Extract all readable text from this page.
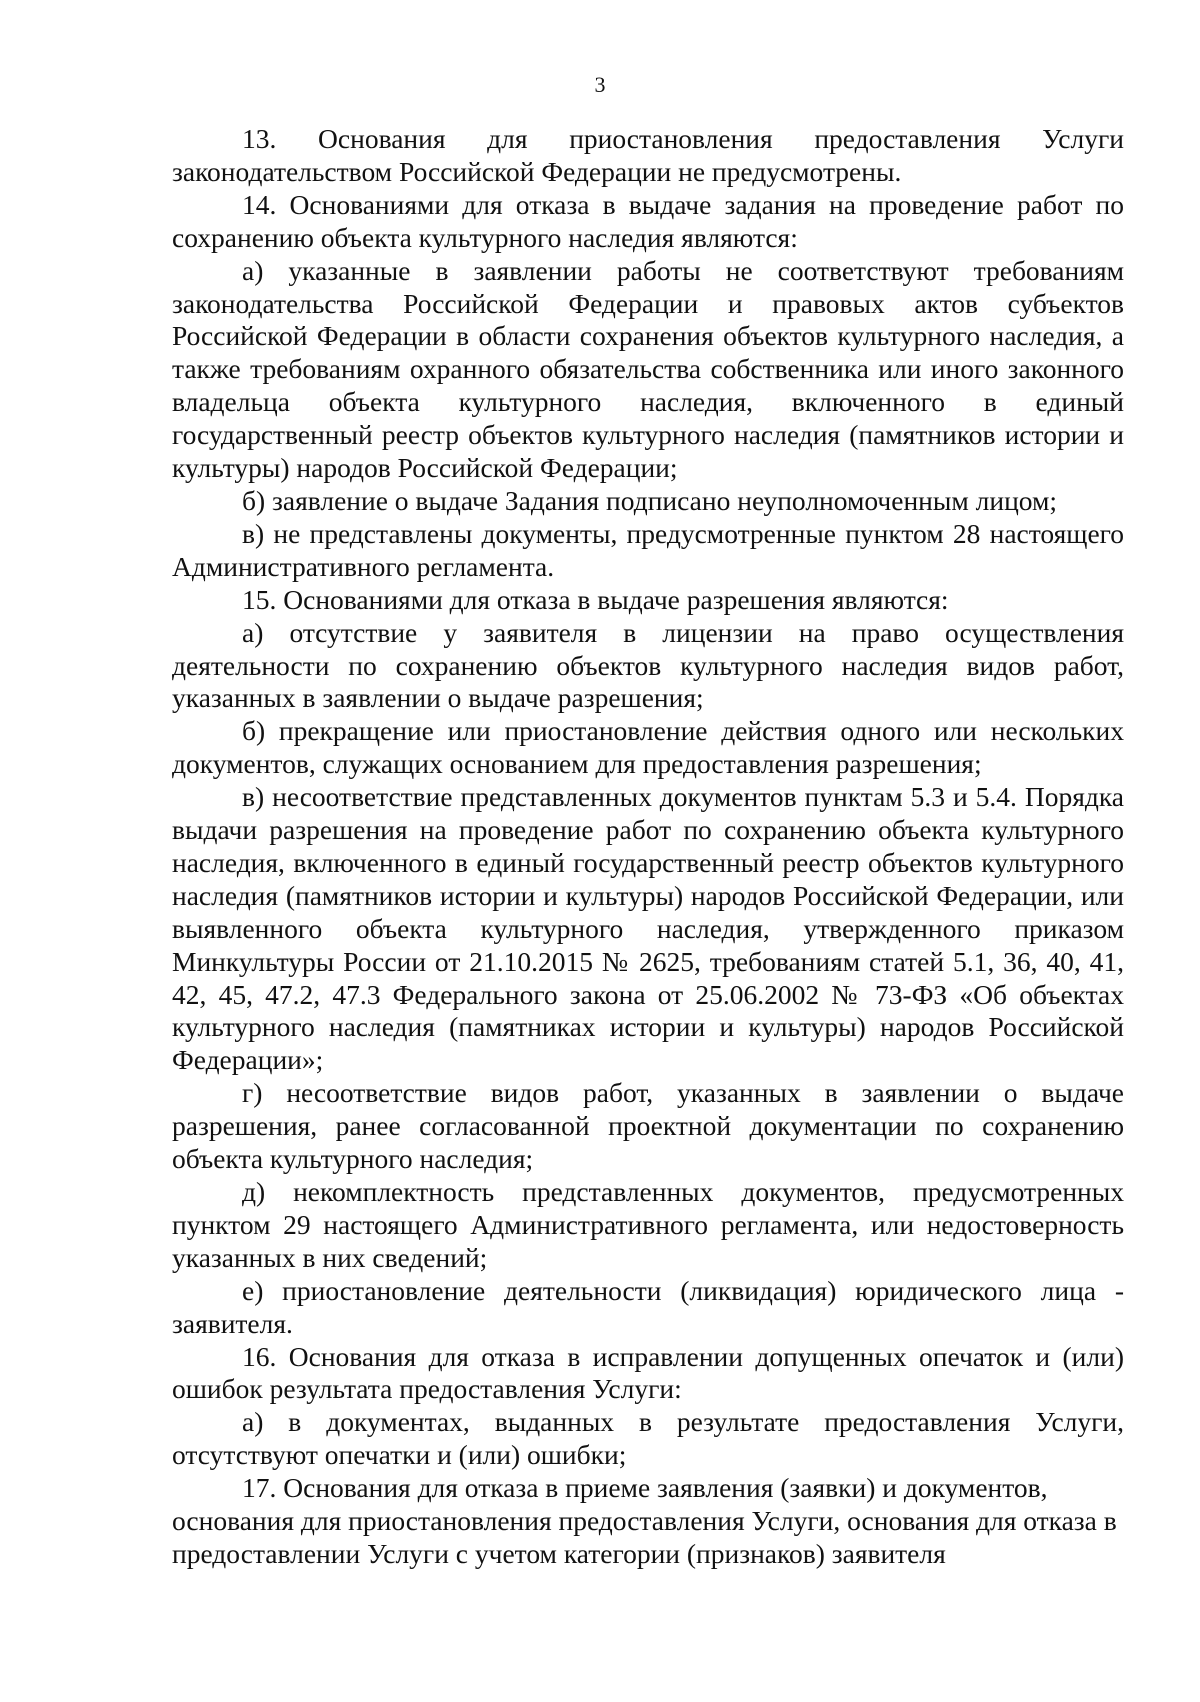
3

13. Основания для приостановления предоставления Услуги законодательством Российской Федерации не предусмотрены.

14. Основаниями для отказа в выдаче задания на проведение работ по сохранению объекта культурного наследия являются:

а) указанные в заявлении работы не соответствуют требованиям законодательства Российской Федерации и правовых актов субъектов Российской Федерации в области сохранения объектов культурного наследия, а также требованиям охранного обязательства собственника или иного законного владельца объекта культурного наследия, включенного в единый государственный реестр объектов культурного наследия (памятников истории и культуры) народов Российской Федерации;

б) заявление о выдаче Задания подписано неуполномоченным лицом;

в) не представлены документы, предусмотренные пунктом 28 настоящего Административного регламента.

15. Основаниями для отказа в выдаче разрешения являются:

а) отсутствие у заявителя в лицензии на право осуществления деятельности по сохранению объектов культурного наследия видов работ, указанных в заявлении о выдаче разрешения;

б) прекращение или приостановление действия одного или нескольких документов, служащих основанием для предоставления разрешения;

в) несоответствие представленных документов пунктам 5.3 и 5.4. Порядка выдачи разрешения на проведение работ по сохранению объекта культурного наследия, включенного в единый государственный реестр объектов культурного наследия (памятников истории и культуры) народов Российской Федерации, или выявленного объекта культурного наследия, утвержденного приказом Минкультуры России от 21.10.2015 № 2625, требованиям статей 5.1, 36, 40, 41, 42, 45, 47.2, 47.3 Федерального закона от 25.06.2002 № 73-ФЗ «Об объектах культурного наследия (памятниках истории и культуры) народов Российской Федерации»;

г) несоответствие видов работ, указанных в заявлении о выдаче разрешения, ранее согласованной проектной документации по сохранению объекта культурного наследия;

д) некомплектность представленных документов, предусмотренных пунктом 29 настоящего Административного регламента, или недостоверность указанных в них сведений;

е) приостановление деятельности (ликвидация) юридического лица - заявителя.

16. Основания для отказа в исправлении допущенных опечаток и (или) ошибок результата предоставления Услуги:

а) в документах, выданных в результате предоставления Услуги, отсутствуют опечатки и (или) ошибки;

17. Основания для отказа в приеме заявления (заявки) и документов, основания для приостановления предоставления Услуги, основания для отказа в предоставлении Услуги с учетом категории (признаков) заявителя
